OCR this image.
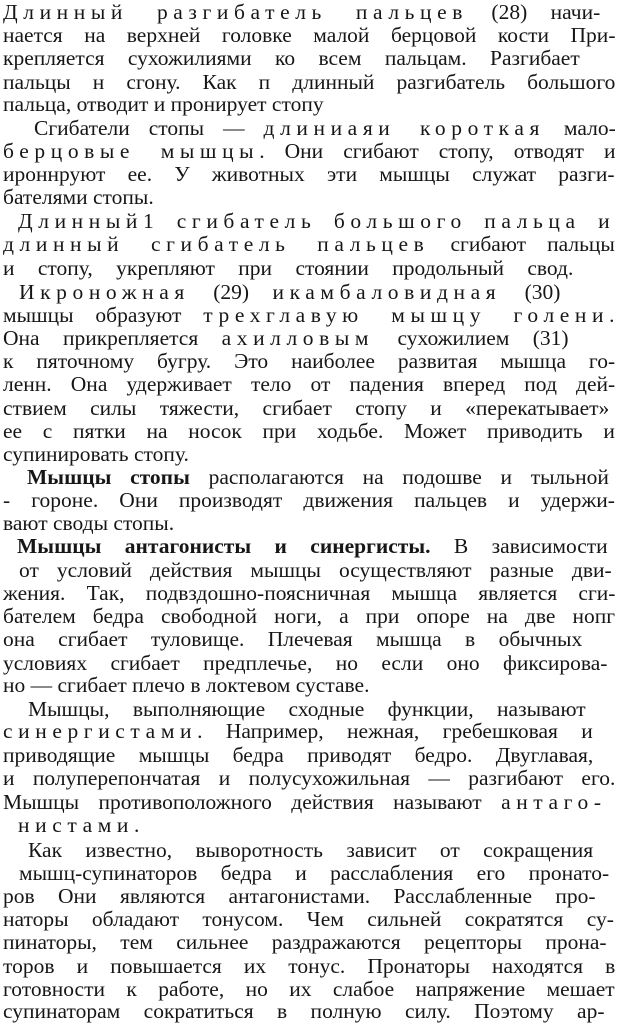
Длинный разгибатель пальцев (28) начи-
нается на верхней головке малой берцовой кости При-
крепляется сухожилиями ко всем пальцам. Разгибает
пальцы н сгону. Как п длинный разгибатель большого
пальца, отводит и пронирует стопу
Сгибатели стопы — длиниаяи короткая мало-
берцовые мышцы. Они сгибают стопу, отводят и
ироннруют ее. У животных эти мышцы служат разги-
бателями стопы.
Длинный1 сгибатель большого пальца и
длинный сгибатель пальцев сгибают пальцы
и стопу, укрепляют при стоянии продольный свод.
Икроножная (29) икамбаловидная (30)
мышцы образуют трехглавую мышцу голени.
Она прикрепляется ахилловым сухожилием (31)
к пяточному бугру. Это наиболее развитая мышца го-
ленн. Она удерживает тело от падения вперед под дей-
ствием силы тяжести, сгибает стопу и «перекатывает»
ее с пятки на носок при ходьбе. Может приводить и
супинировать стопу.
Мышцы стопы располагаются на подошве и тыльной
- гороне. Они производят движения пальцев и удержи-
вают своды стопы.
Мышцы антагонисты и синергисты. В зависимости
от условий действия мышцы осуществляют разные дви-
жения. Так, подвздошно-поясничная мышца является сги-
бателем бедра свободной ноги, а при опоре на две нопг
она сгибает туловище. Плечевая мышца в обычных
условиях сгибает предплечье, но если оно фиксирова-
но — сгибает плечо в локтевом суставе.
Мышцы, выполняющие сходные функции, называют
синергистами. Например, нежная, гребешковая и
приводящие мышцы бедра приводят бедро. Двуглавая,
и полуперепончатая и полусухожильная — разгибают его.
Мышцы противоположного действия называют антаго-
нистами.
Как известно, выворотность зависит от сокращения
мышц-супинаторов бедра и расслабления его пронато-
ров Они являются антагонистами. Расслабленные про-
наторы обладают тонусом. Чем сильней сократятся су-
пинаторы, тем сильнее раздражаются рецепторы прона-
торов и повышается их тонус. Пронаторы находятся в
готовности к работе, но их слабое напряжение мешает
супинаторам сократиться в полную силу. Поэтому ар-
